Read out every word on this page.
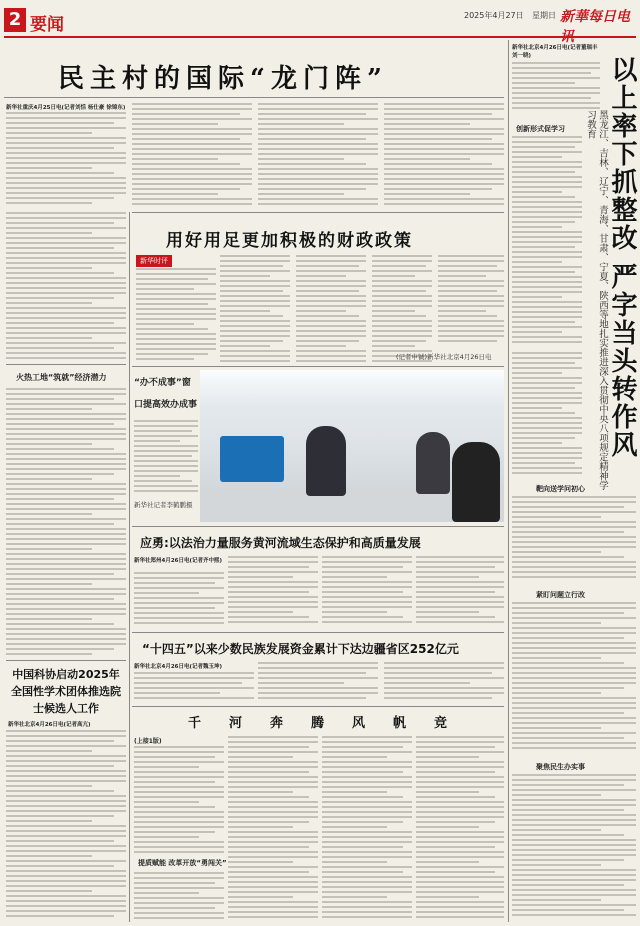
2 要闻	2025年4月27日 星期日 新華每日电讯
民主村的国际“龙门阵”
新华社重庆4月25日电(记者刘恬 杨仕豪 徐锦东)
用好用足更加积极的财政政策
新华时评
(记者申铖)新华社北京4月26日电
火热工地“筑就”经济潜力
中国科协启动2025年全国性学术团体推选院士候选人工作
新华社北京4月26日电(记者高亢)
“办不成事”窗口提高效办成事
新华社记者李鹤鹏摄
应勇:以法治力量服务黄河流域生态保护和高质量发展
新华社郑州4月26日电(记者齐中熙)
“十四五”以来少数民族发展资金累计下达边疆省区252亿元
新华社北京4月26日电(记者魏玉坤)
千河奔腾风帆竞
(上接1版)
提质赋能 改革开放“勇闯关”
新华社北京4月26日电(记者董瑞丰 刘一晓)	以上率下抓整改 严字当头转作风
黑龙江、吉林、辽宁、青海、甘肃、宁夏、陕西等地扎实推进深入贯彻中央八项规定精神学习教育
创新形式促学习
靶向送学问初心
紧盯问题立行改
聚焦民生办实事
